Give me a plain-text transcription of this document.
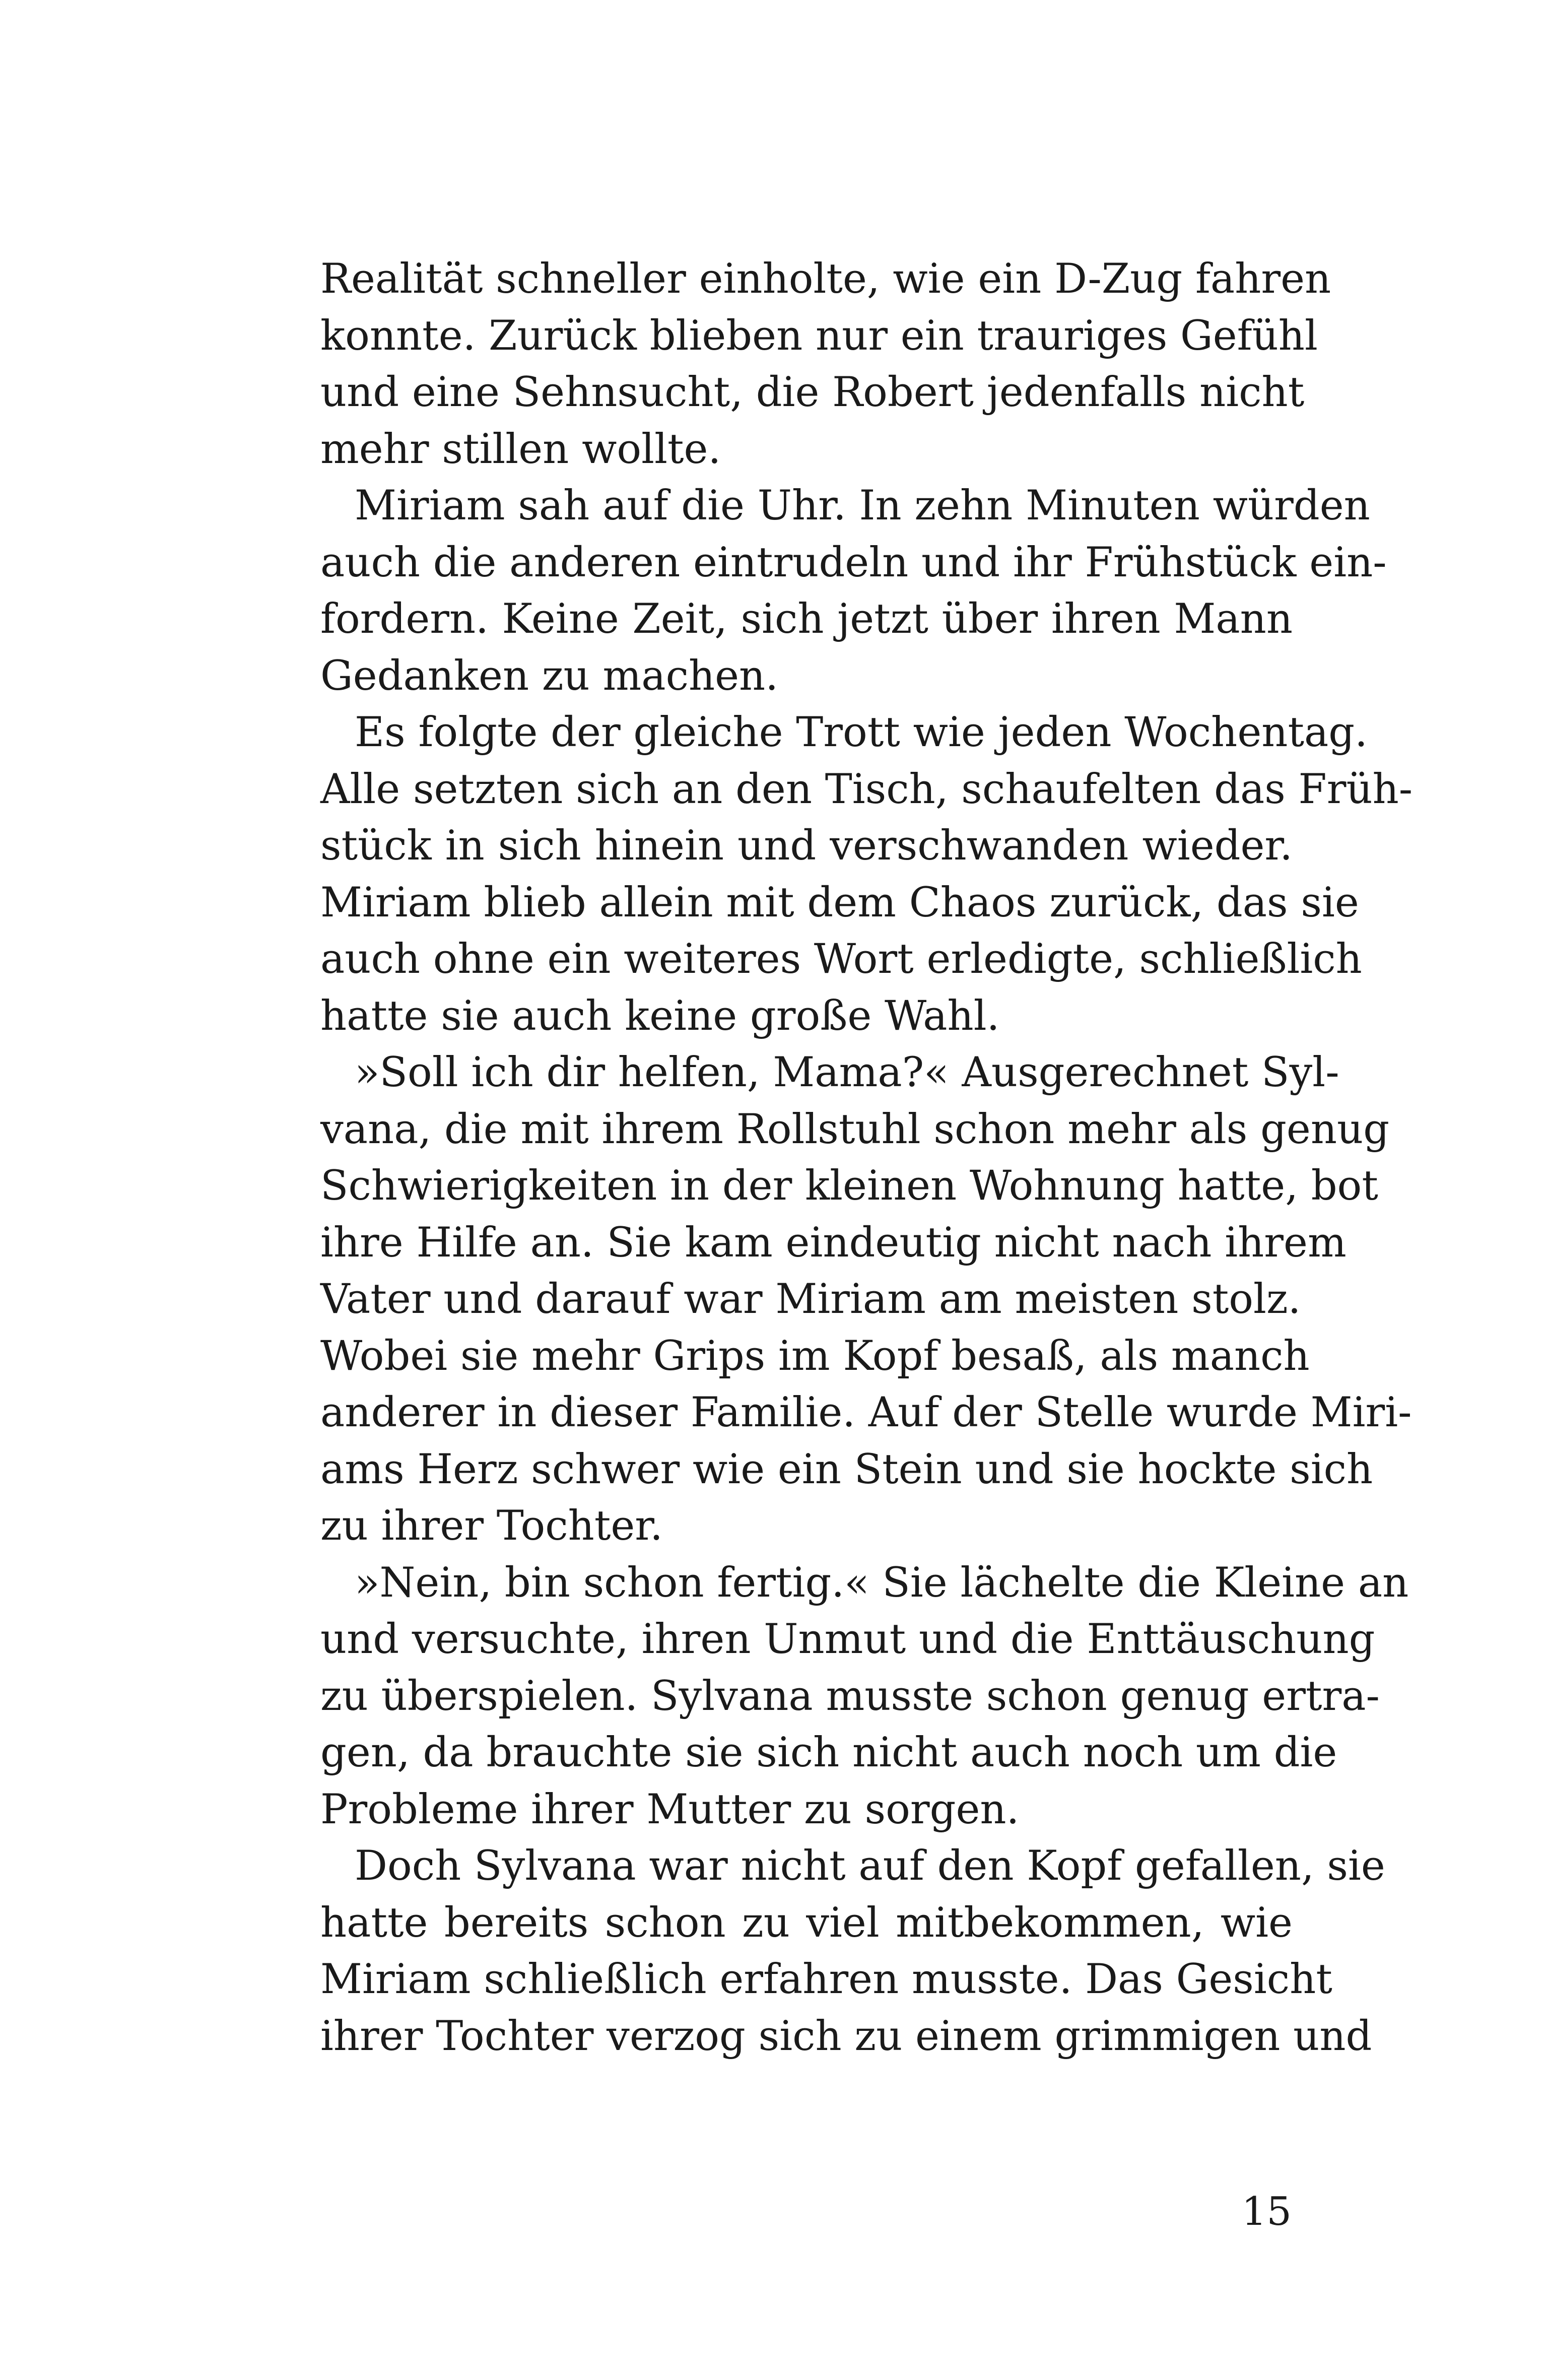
Realität schneller einholte, wie ein D-Zug fahren
konnte. Zurück blieben nur ein trauriges Gefühl
und eine Sehnsucht, die Robert jedenfalls nicht
mehr stillen wollte.
Miriam sah auf die Uhr. In zehn Minuten würden
auch die anderen eintrudeln und ihr Frühstück ein-
fordern. Keine Zeit, sich jetzt über ihren Mann
Gedanken zu machen.
Es folgte der gleiche Trott wie jeden Wochentag.
Alle setzten sich an den Tisch, schaufelten das Früh-
stück in sich hinein und verschwanden wieder.
Miriam blieb allein mit dem Chaos zurück, das sie
auch ohne ein weiteres Wort erledigte, schließlich
hatte sie auch keine große Wahl.
»Soll ich dir helfen, Mama?« Ausgerechnet Syl-
vana, die mit ihrem Rollstuhl schon mehr als genug
Schwierigkeiten in der kleinen Wohnung hatte, bot
ihre Hilfe an. Sie kam eindeutig nicht nach ihrem
Vater und darauf war Miriam am meisten stolz.
Wobei sie mehr Grips im Kopf besaß, als manch
anderer in dieser Familie. Auf der Stelle wurde Miri-
ams Herz schwer wie ein Stein und sie hockte sich
zu ihrer Tochter.
»Nein, bin schon fertig.« Sie lächelte die Kleine an
und versuchte, ihren Unmut und die Enttäuschung
zu überspielen. Sylvana musste schon genug ertra-
gen, da brauchte sie sich nicht auch noch um die
Probleme ihrer Mutter zu sorgen.
Doch Sylvana war nicht auf den Kopf gefallen, sie
hatte bereits schon zu viel mitbekommen, wie
Miriam schließlich erfahren musste. Das Gesicht
ihrer Tochter verzog sich zu einem grimmigen und
15
